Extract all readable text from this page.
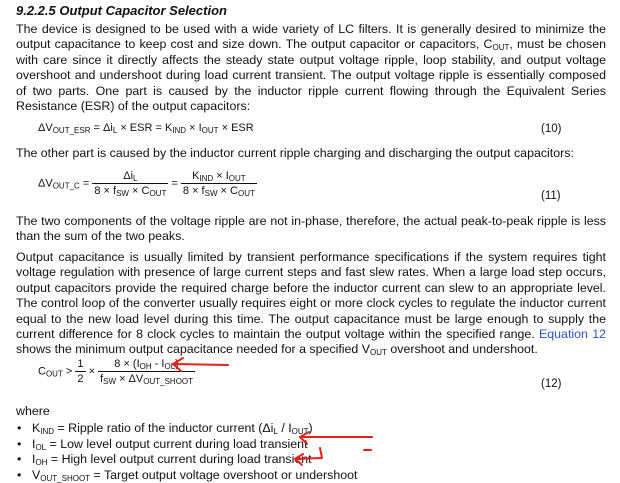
9.2.2.5 Output Capacitor Selection
The device is designed to be used with a wide variety of LC filters. It is generally desired to minimize the output capacitance to keep cost and size down. The output capacitor or capacitors, $C_{OUT}$, must be chosen with care since it directly affects the steady state output voltage ripple, loop stability, and output voltage overshoot and undershoot during load current transient. The output voltage ripple is essentially composed of two parts. One part is caused by the inductor ripple current flowing through the Equivalent Series Resistance (ESR) of the output capacitors:
$\Delta V_{OUT\_ESR} = \Delta i_L$ × ESR = $K_{IND} \times I_{OUT}$ × ESR	(10)
The other part is caused by the inductor current ripple charging and discharging the output capacitors:
$\Delta V_{OUT\_C} = \frac{\Delta i_L}{8 \times f_{SW} \times C_{OUT}} = \frac{K_{IND} \times I_{OUT}}{8 \times f_{SW} \times C_{OUT}}$	(11)
The two components of the voltage ripple are not in-phase, therefore, the actual peak-to-peak ripple is less than the sum of the two peaks.
Output capacitance is usually limited by transient performance specifications if the system requires tight voltage regulation with presence of large current steps and fast slew rates. When a large load step occurs, output capacitors provide the required charge before the inductor current can slew to an appropriate level. The control loop of the converter usually requires eight or more clock cycles to regulate the inductor current equal to the new load level during this time. The output capacitance must be large enough to supply the current difference for 8 clock cycles to maintain the output voltage within the specified range. Equation 12 shows the minimum output capacitance needed for a specified $V_{OUT}$ overshoot and undershoot.
$C_{OUT} > \frac{1}{2} \times \frac{8 \times (I_{OH} - I_{OL})}{f_{SW} \times \Delta V_{OUT\_SHOOT}}$	(12)
where
• $K_{IND}$ = Ripple ratio of the inductor current $(\Delta i_L / I_{OUT})$
• $I_{OL}$ = Low level output current during load transient
• $I_{OH}$ = High level output current during load transient
• $V_{OUT\_SHOOT}$ = Target output voltage overshoot or undershoot
